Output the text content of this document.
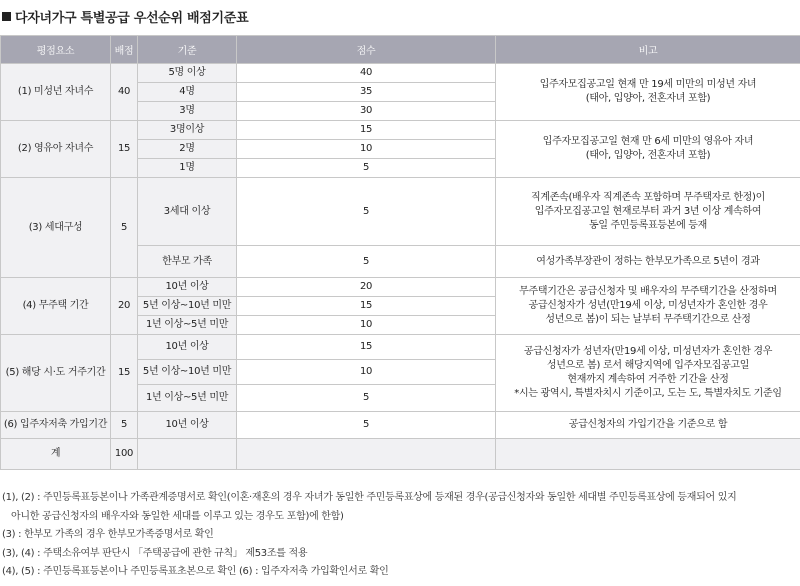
다자녀가구 특별공급 우선순위 배점기준표
평점요소	배점	기준	점수	비고
(1) 미성년 자녀수	40	5명 이상	40	입주자모집공고일 현재 만 19세 미만의 미성년 자녀
(태아, 입양아, 전혼자녀 포함)

		4명	35	
		3명	30	
(2) 영유아 자녀수	15	3명이상	15	입주자모집공고일 현재 만 6세 미만의 영유아 자녀
(태아, 입양아, 전혼자녀 포함)

		2명	10	
		1명	5	
(3) 세대구성	5	3세대 이상	5	직계존속(배우자 직계존속 포함하며 무주택자로 한정)이
입주자모집공고일 현재로부터 과거 3년 이상 계속하여
동일 주민등록표등본에 등재

		한부모 가족	5	여성가족부장관이 정하는 한부모가족으로 5년이 경과
(4) 무주택 기간	20	10년 이상	20	무주택기간은 공급신청자 및 배우자의 무주택기간을 산정하며
공급신청자가 성년(만19세 이상, 미성년자가 혼인한 경우
성년으로 봄)이 되는 날부터 무주택기간으로 산정

		5년 이상~10년 미만	15	
		1년 이상~5년 미만	10	
(5) 해당 시·도 거주기간	15	10년 이상	15	공급신청자가 성년자(만19세 이상, 미성년자가 혼인한 경우
성년으로 봄) 로서 해당지역에 입주자모집공고일
현재까지 계속하여 거주한 기간을 산정
*시는 광역시, 특별자치시 기준이고, 도는 도, 특별자치도 기준임

		5년 이상~10년 미만	10	
		1년 이상~5년 미만	5	
(6) 입주자저축 가입기간	5	10년 이상	5	공급신청자의 가입기간을 기준으로 함
계	100			
(1), (2) : 주민등록표등본이나 가족관계증명서로 확인(이혼·재혼의 경우 자녀가 동일한 주민등록표상에 등재된 경우(공급신청자와 동일한 세대별 주민등록표상에 등재되어 있지
아니한 공급신청자의 배우자와 동일한 세대를 이루고 있는 경우도 포함)에 한함)
(3) : 한부모 가족의 경우 한부모가족증명서로 확인
(3), (4) : 주택소유여부 판단시 「주택공급에 관한 규칙」 제53조를 적용
(4), (5) : 주민등록표등본이나 주민등록표초본으로 확인 (6) : 입주자저축 가입확인서로 확인
